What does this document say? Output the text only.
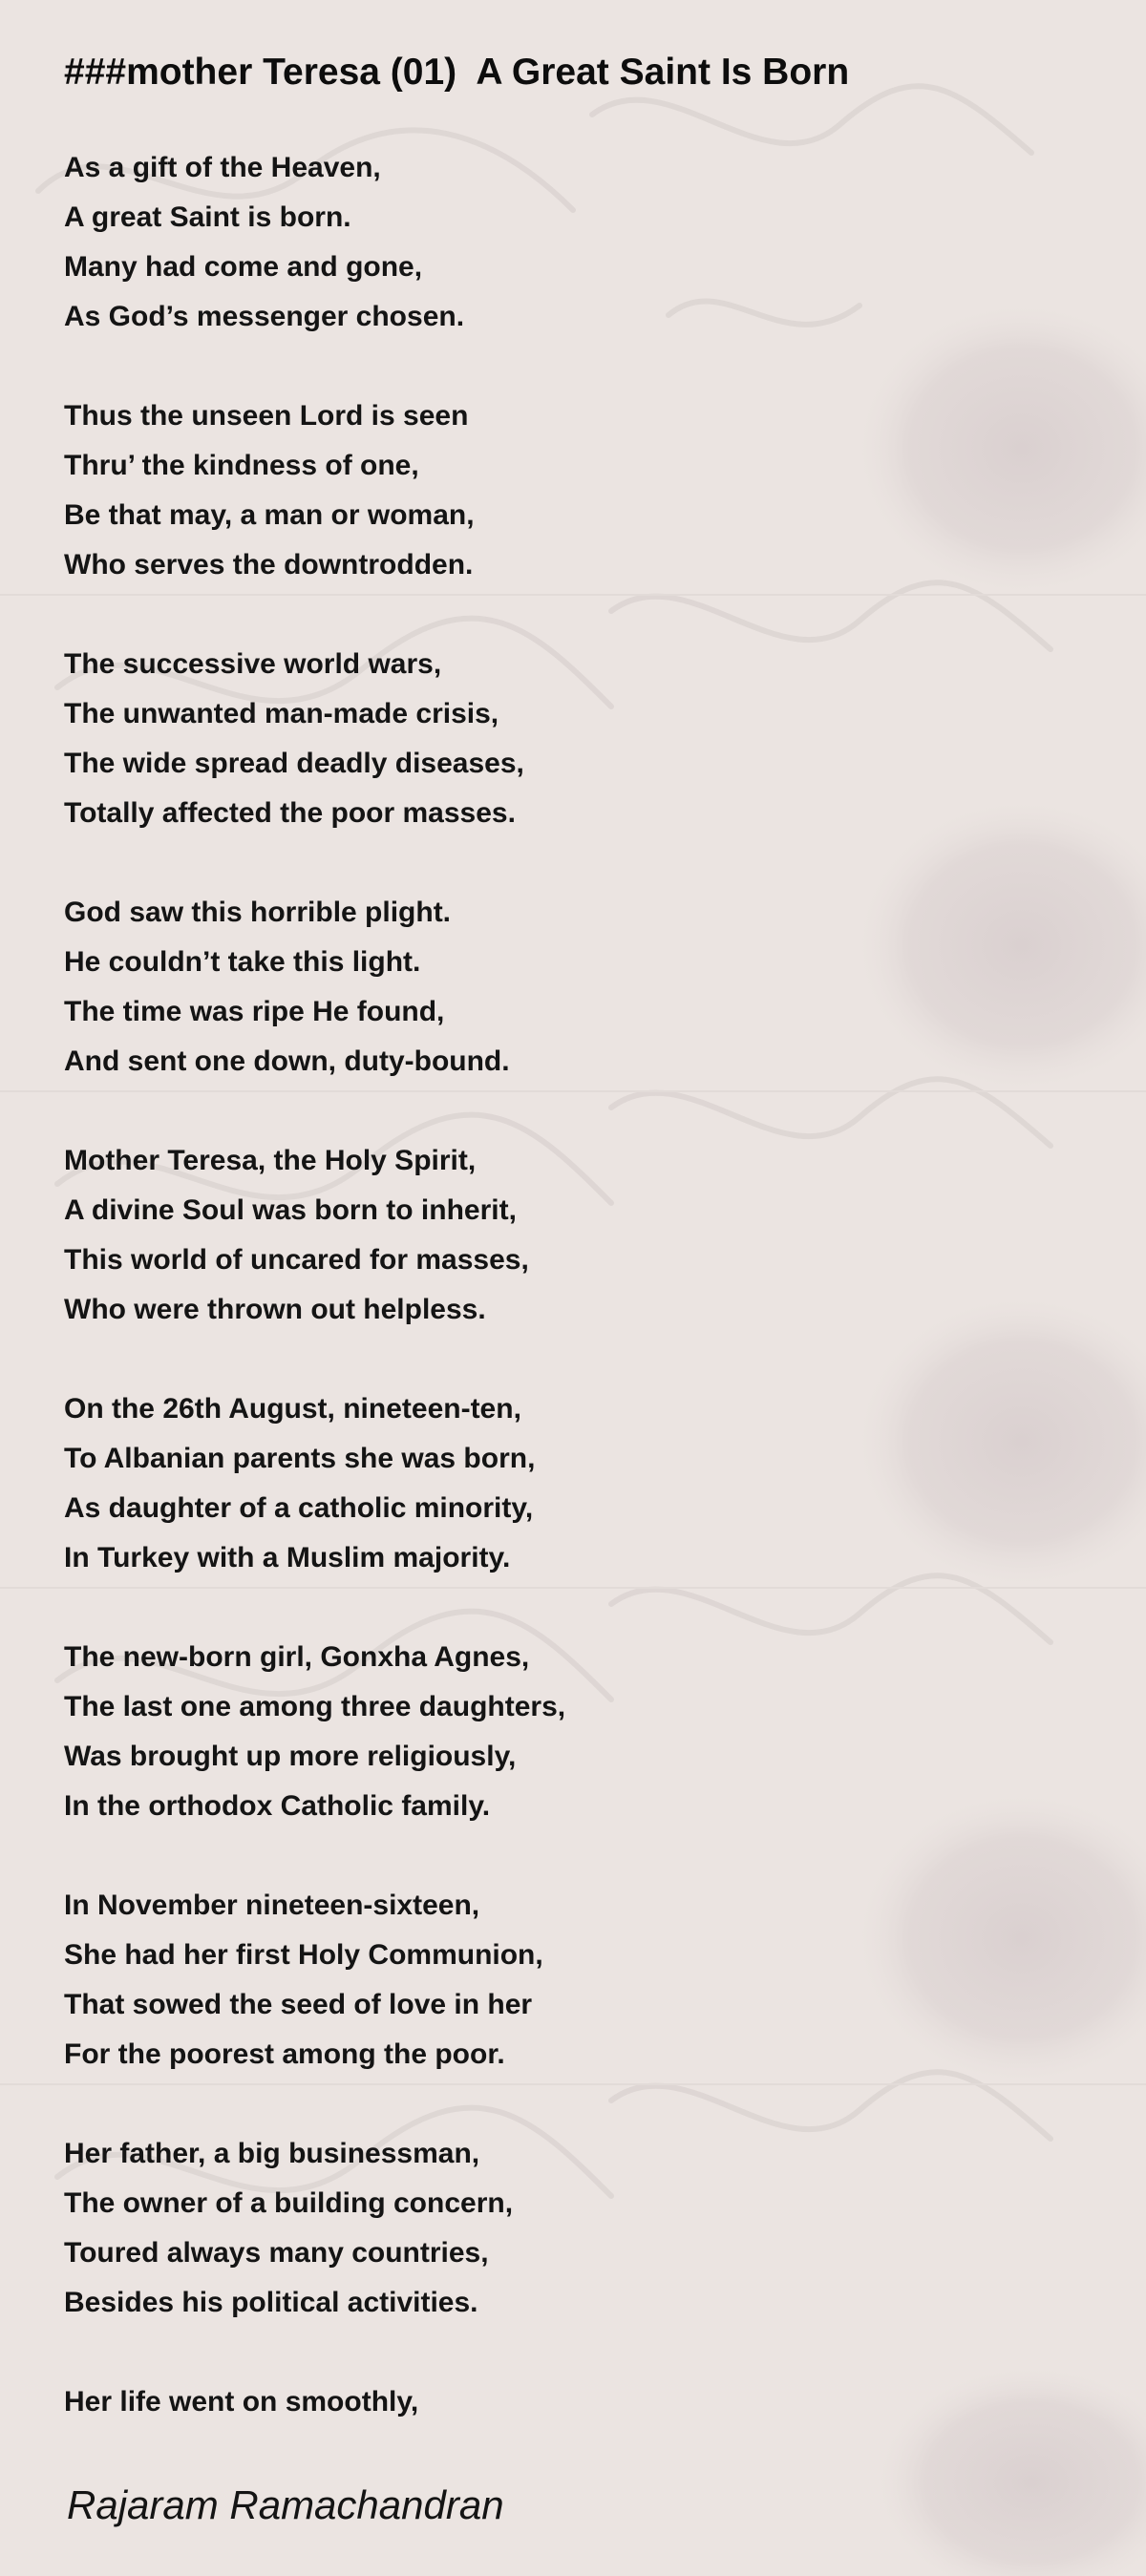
###mother Teresa (01)  A Great Saint Is Born
As a gift of the Heaven,
A great Saint is born.
Many had come and gone,
As God’s messenger chosen.
Thus the unseen Lord is seen
Thru’ the kindness of one,
Be that may, a man or woman,
Who serves the downtrodden.
The successive world wars,
The unwanted man-made crisis,
The wide spread deadly diseases,
Totally affected the poor masses.
God saw this horrible plight.
He couldn’t take this light.
The time was ripe He found,
And sent one down, duty-bound.
Mother Teresa, the Holy Spirit,
A divine Soul was born to inherit,
This world of uncared for masses,
Who were thrown out helpless.
On the 26th August, nineteen-ten,
To Albanian parents she was born,
As daughter of a catholic minority,
In Turkey with a Muslim majority.
The new-born girl, Gonxha Agnes,
The last one among three daughters,
Was brought up more religiously,
In the orthodox Catholic family.
In November nineteen-sixteen,
She had her first Holy Communion,
That sowed the seed of love in her
For the poorest among the poor.
Her father, a big businessman,
The owner of a building concern,
Toured always many countries,
Besides his political activities.
Her life went on smoothly,
Rajaram Ramachandran
